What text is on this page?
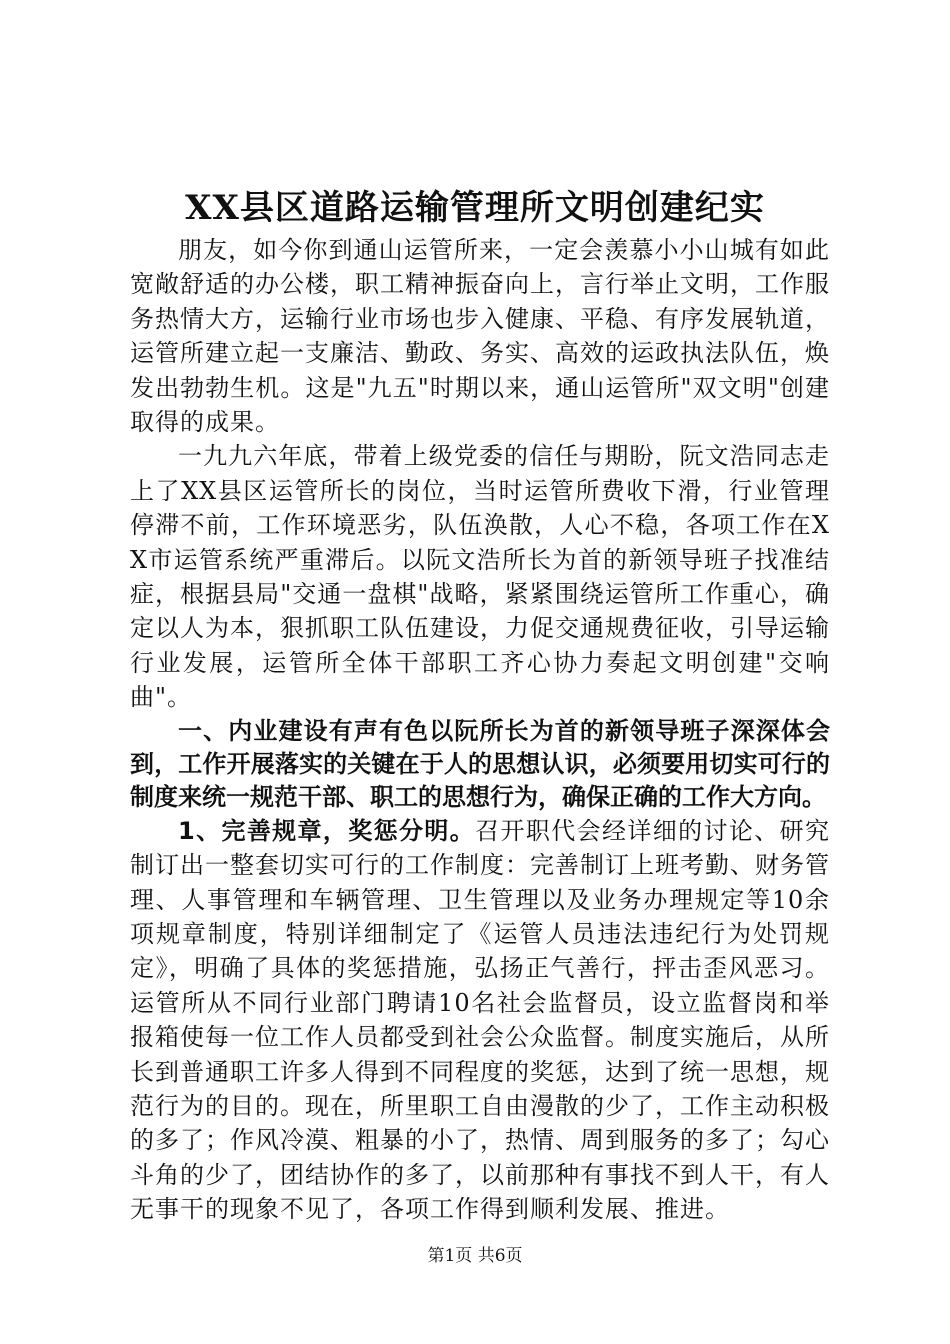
XX县区道路运输管理所文明创建纪实

朋友，如今你到通山运管所来，一定会羡慕小小山城有如此宽敞舒适的办公楼，职工精神振奋向上，言行举止文明，工作服务热情大方，运输行业市场也步入健康、平稳、有序发展轨道，运管所建立起一支廉洁、勤政、务实、高效的运政执法队伍，焕发出勃勃生机。这是"九五"时期以来，通山运管所"双文明"创建取得的成果。

一九九六年底，带着上级党委的信任与期盼，阮文浩同志走上了XX县区运管所长的岗位，当时运管所费收下滑，行业管理停滞不前，工作环境恶劣，队伍涣散，人心不稳，各项工作在XX市运管系统严重滞后。以阮文浩所长为首的新领导班子找准结症，根据县局"交通一盘棋"战略，紧紧围绕运管所工作重心，确定以人为本，狠抓职工队伍建设，力促交通规费征收，引导运输行业发展，运管所全体干部职工齐心协力奏起文明创建"交响曲"。

一、内业建设有声有色以阮所长为首的新领导班子深深体会到，工作开展落实的关键在于人的思想认识，必须要用切实可行的制度来统一规范干部、职工的思想行为，确保正确的工作大方向。

1、完善规章，奖惩分明。召开职代会经详细的讨论、研究制订出一整套切实可行的工作制度：完善制订上班考勤、财务管理、人事管理和车辆管理、卫生管理以及业务办理规定等10余项规章制度，特别详细制定了《运管人员违法违纪行为处罚规定》，明确了具体的奖惩措施，弘扬正气善行，抨击歪风恶习。运管所从不同行业部门聘请10名社会监督员，设立监督岗和举报箱使每一位工作人员都受到社会公众监督。制度实施后，从所长到普通职工许多人得到不同程度的奖惩，达到了统一思想，规范行为的目的。现在，所里职工自由漫散的少了，工作主动积极的多了；作风冷漠、粗暴的小了，热情、周到服务的多了；勾心斗角的少了，团结协作的多了，以前那种有事找不到人干，有人无事干的现象不见了，各项工作得到顺利发展、推进。

第1页 共6页
